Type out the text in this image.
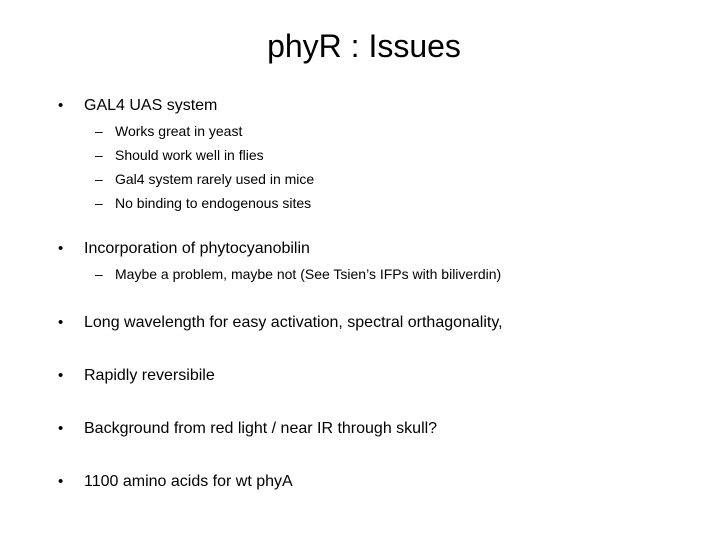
phyR : Issues
• GAL4 UAS system
– Works great in yeast
– Should work well in flies
– Gal4 system rarely used in mice
– No binding to endogenous sites
• Incorporation of phytocyanobilin
– Maybe a problem, maybe not (See Tsien’s IFPs with biliverdin)
• Long wavelength for easy activation, spectral orthagonality,
• Rapidly reversibile
• Background from red light / near IR through skull?
• 1100 amino acids for wt phyA
